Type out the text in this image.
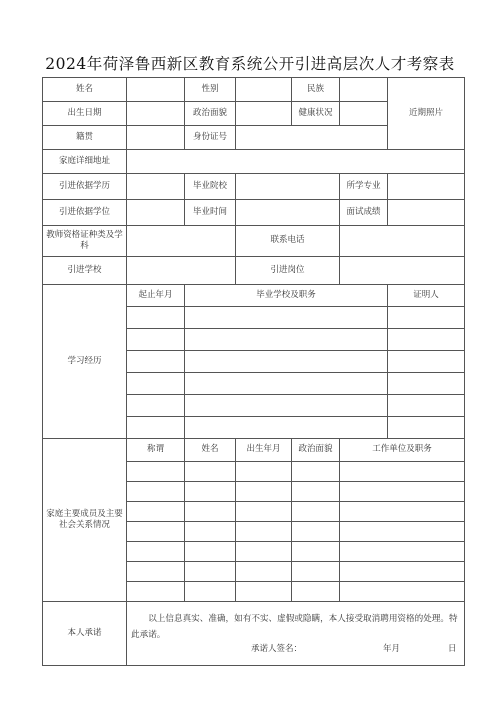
2024年荷泽鲁西新区教育系统公开引进高层次人才考察表
姓名		性别		民族		近期照片
出生日期		政治面貌		健康状况		
籍贯		身份证号				
家庭详细地址						
引进依据学历		毕业院校			所学专业	
引进依据学位		毕业时间			面试成绩	
教师资格证种类及学科			联系电话			
引进学校			引进岗位			
学习经历	起止年月	毕业学校及职务				证明人

家庭主要成员及主要社会关系情况	称谓	姓名	出生年月	政治面貌	工作单位及职务	

本人承诺	以上信息真实、准确，如有不实、虚假或隐瞒，本人接受取消聘用资格的处理。特此承诺。
承诺人签名： 年月 日					
